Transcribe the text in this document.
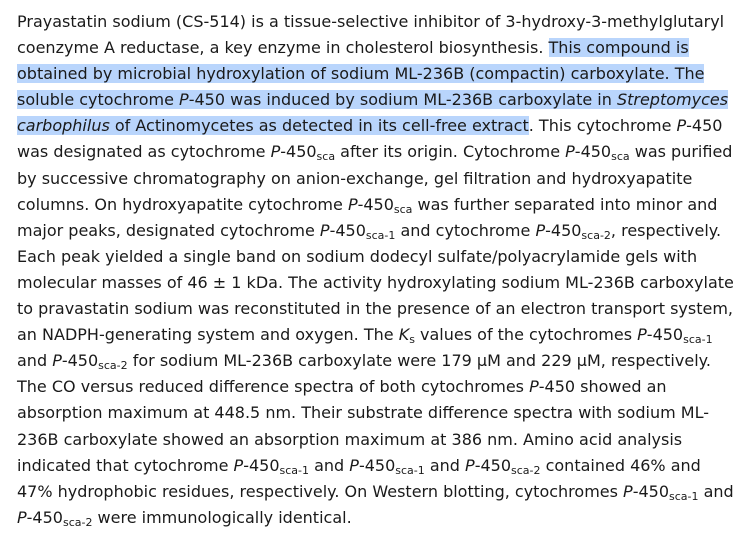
Prayastatin sodium (CS-514) is a tissue-selective inhibitor of 3-hydroxy-3-methylglutaryl
coenzyme A reductase, a key enzyme in cholesterol biosynthesis. This compound is
obtained by microbial hydroxylation of sodium ML-236B (compactin) carboxylate. The
soluble cytochrome P-450 was induced by sodium ML-236B carboxylate in Streptomyces
carbophilus of Actinomycetes as detected in its cell-free extract. This cytochrome P-450
was designated as cytochrome $P-450_{sca}$ after its origin. Cytochrome $P-450_{sca}$ was purified
by successive chromatography on anion-exchange, gel filtration and hydroxyapatite
columns. On hydroxyapatite cytochrome $P-450_{sca}$ was further separated into minor and
major peaks, designated cytochrome $P-450_{sca-1}$ and cytochrome $P-450_{sca-2}$, respectively.
Each peak yielded a single band on sodium dodecyl sulfate/polyacrylamide gels with
molecular masses of 46 ± 1 kDa. The activity hydroxylating sodium ML-236B carboxylate
to pravastatin sodium was reconstituted in the presence of an electron transport system,
an NADPH-generating system and oxygen. The $K_s$ values of the cytochromes $P-450_{sca-1}$
and $P-450_{sca-2}$ for sodium ML-236B carboxylate were 179 μM and 229 μM, respectively.
The CO versus reduced difference spectra of both cytochromes P-450 showed an
absorption maximum at 448.5 nm. Their substrate difference spectra with sodium ML-
236B carboxylate showed an absorption maximum at 386 nm. Amino acid analysis
indicated that cytochrome $P-450_{sca-1}$ and $P-450_{sca-1}$ and $P-450_{sca-2}$ contained 46% and
47% hydrophobic residues, respectively. On Western blotting, cytochromes $P-450_{sca-1}$ and
$P-450_{sca-2}$ were immunologically identical.
